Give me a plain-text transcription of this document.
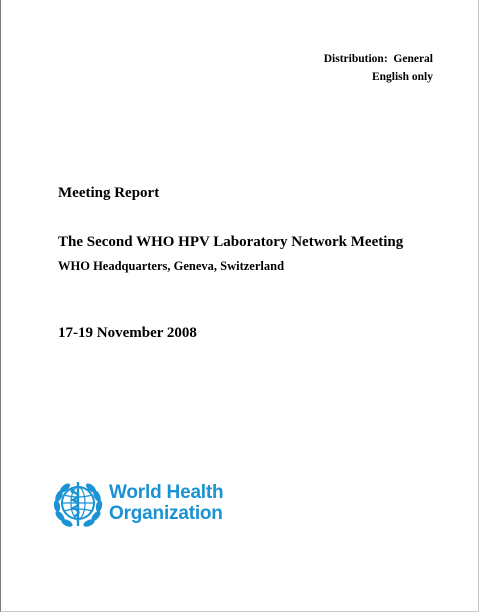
Distribution:  General
English only
Meeting Report
The Second WHO HPV Laboratory Network Meeting
WHO Headquarters, Geneva, Switzerland
17-19 November 2008
World Health
Organization
